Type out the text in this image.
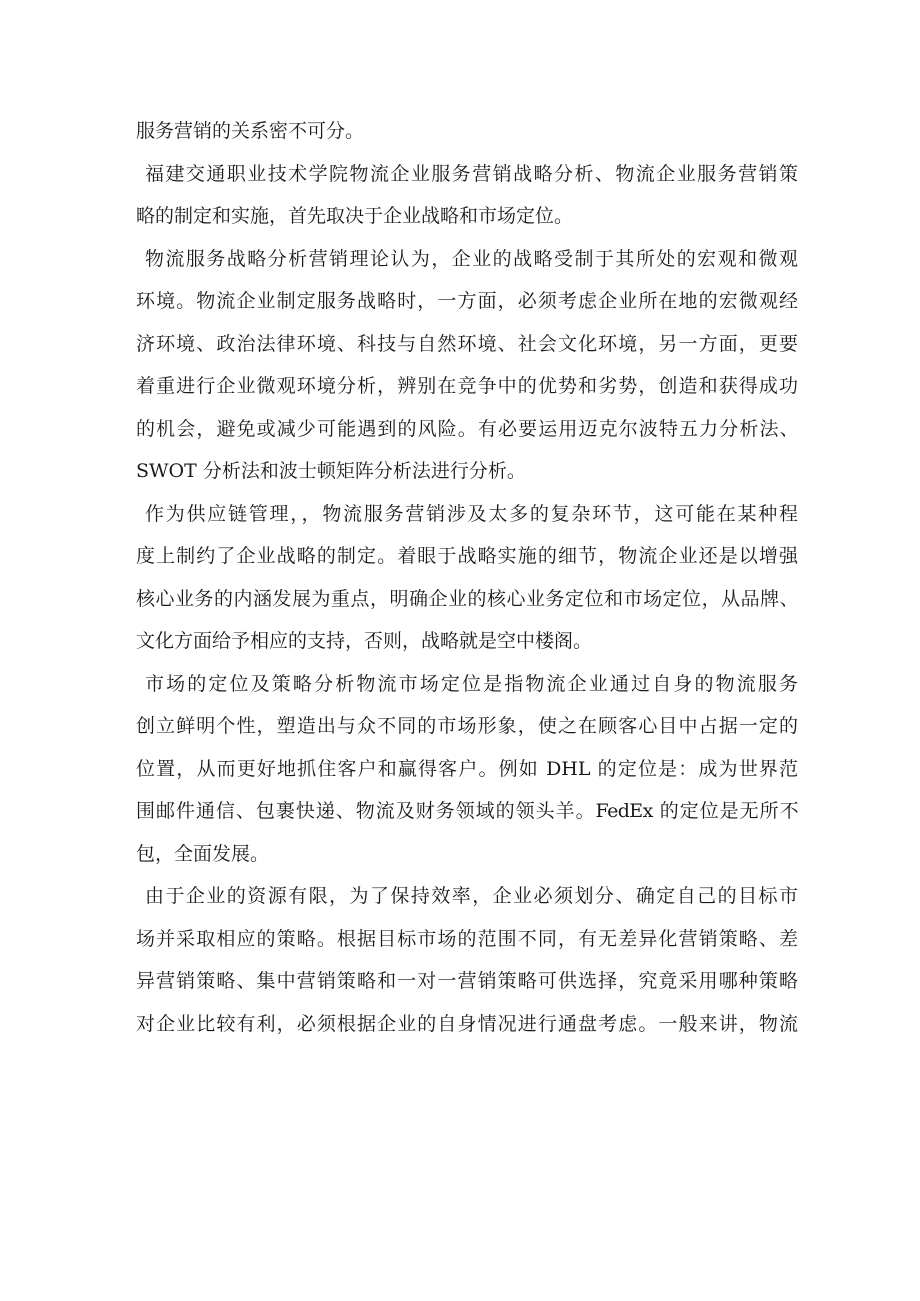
服务营销的关系密不可分。
福建交通职业技术学院物流企业服务营销战略分析、物流企业服务营销策
略的制定和实施，首先取决于企业战略和市场定位。
物流服务战略分析营销理论认为，企业的战略受制于其所处的宏观和微观
环境。物流企业制定服务战略时，一方面，必须考虑企业所在地的宏微观经
济环境、政治法律环境、科技与自然环境、社会文化环境，另一方面，更要
着重进行企业微观环境分析，辨别在竞争中的优势和劣势，创造和获得成功
的机会，避免或减少可能遇到的风险。有必要运用迈克尔波特五力分析法、
SWOT 分析法和波士顿矩阵分析法进行分析。
作为供应链管理，，物流服务营销涉及太多的复杂环节，这可能在某种程
度上制约了企业战略的制定。着眼于战略实施的细节，物流企业还是以增强
核心业务的内涵发展为重点，明确企业的核心业务定位和市场定位，从品牌、
文化方面给予相应的支持，否则，战略就是空中楼阁。
市场的定位及策略分析物流市场定位是指物流企业通过自身的物流服务
创立鲜明个性，塑造出与众不同的市场形象，使之在顾客心目中占据一定的
位置，从而更好地抓住客户和赢得客户。例如 DHL 的定位是：成为世界范
围邮件通信、包裹快递、物流及财务领域的领头羊。FedEx 的定位是无所不
包，全面发展。
由于企业的资源有限，为了保持效率，企业必须划分、确定自己的目标市
场并采取相应的策略。根据目标市场的范围不同，有无差异化营销策略、差
异营销策略、集中营销策略和一对一营销策略可供选择，究竟采用哪种策略
对企业比较有利，必须根据企业的自身情况进行通盘考虑。一般来讲，物流
